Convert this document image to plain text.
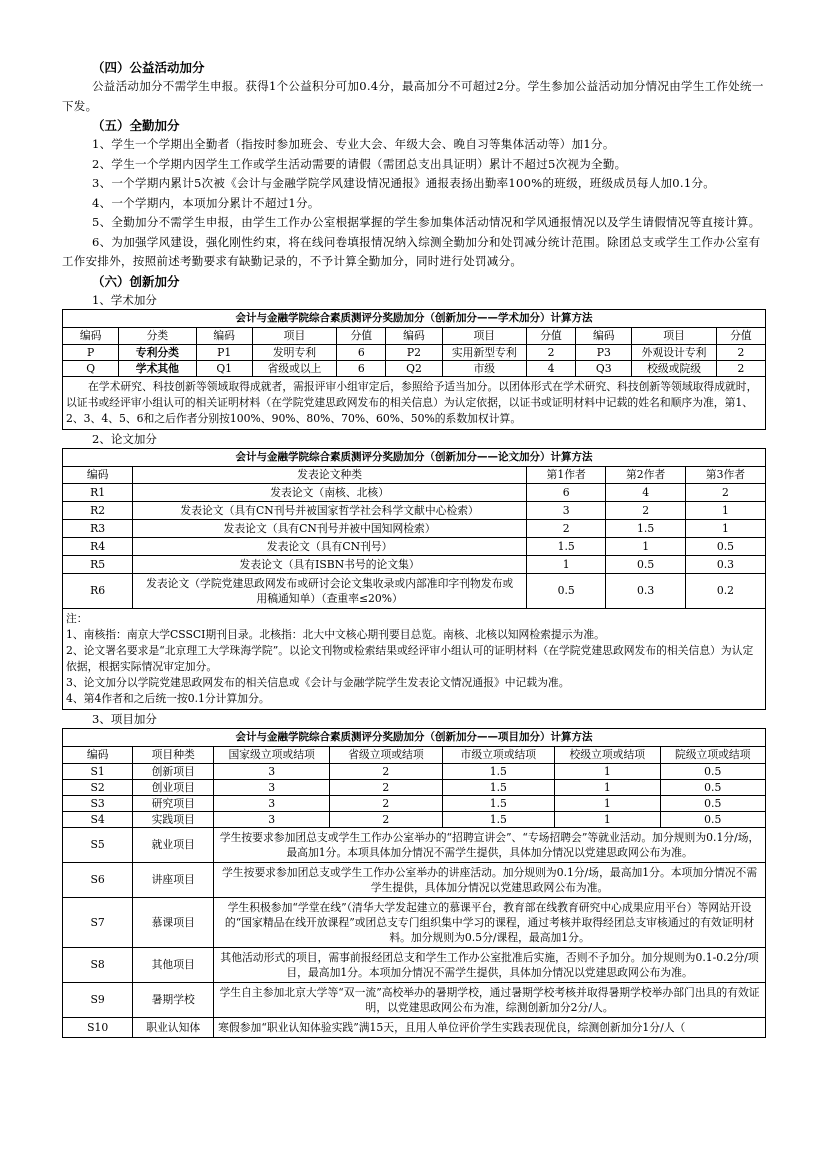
（四）公益活动加分

公益活动加分不需学生申报。获得1个公益积分可加0.4分，最高加分不可超过2分。学生参加公益活动加分情况由学生工作处统一下发。

（五）全勤加分

1、学生一个学期出全勤者（指按时参加班会、专业大会、年级大会、晚自习等集体活动等）加1分。

2、学生一个学期内因学生工作或学生活动需要的请假（需团总支出具证明）累计不超过5次视为全勤。

3、一个学期内累计5次被《会计与金融学院学风建设情况通报》通报表扬出勤率100%的班级，班级成员每人加0.1分。

4、一个学期内，本项加分累计不超过1分。

5、全勤加分不需学生申报，由学生工作办公室根据掌握的学生参加集体活动情况和学风通报情况以及学生请假情况等直接计算。

6、为加强学风建设，强化刚性约束，将在线问卷填报情况纳入综测全勤加分和处罚减分统计范围。除团总支或学生工作办公室有工作安排外，按照前述考勤要求有缺勤记录的，不予计算全勤加分，同时进行处罚减分。

（六）创新加分

1、学术加分

会计与金融学院综合素质测评分奖励加分（创新加分——学术加分）计算方法										
编码	分类	编码	项目	分值	编码	项目	分值	编码	项目	分值
P	专利分类	P1	发明专利	6	P2	实用新型专利	2	P3	外观设计专利	2
Q	学术其他	Q1	省级或以上	6	Q2	市级	4	Q3	校级或院级	2

在学术研究、科技创新等领域取得成就者，需报评审小组审定后，参照给予适当加分。以团体形式在学术研究、科技创新等领域取得成就时，以证书或经评审小组认可的相关证明材料（在学院党建思政网发布的相关信息）为认定依据，以证书或证明材料中记载的姓名和顺序为准，第1、2、3、4、5、6和之后作者分别按100%、90%、80%、70%、60%、50%的系数加权计算。										

2、论文加分

会计与金融学院综合素质测评分奖励加分（创新加分——论文加分）计算方法				
编码	发表论文种类	第1作者	第2作者	第3作者
R1	发表论文（南核、北核）	6	4	2
R2	发表论文（具有CN刊号并被国家哲学社会科学文献中心检索）	3	2	1
R3	发表论文（具有CN刊号并被中国知网检索）	2	1.5	1
R4	发表论文（具有CN刊号）	1.5	1	0.5
R5	发表论文（具有ISBN书号的论文集）	1	0.5	0.3
R6	发表论文（学院党建思政网发布或研讨会论文集收录或内部准印字刊物发布或用稿通知单）（查重率≤20%）	0.5	0.3	0.2

注：
1、南核指：南京大学CSSCI期刊目录。北核指：北大中文核心期刊要目总览。南核、北核以知网检索提示为准。
2、论文署名要求是“北京理工大学珠海学院”。以论文刊物或检索结果或经评审小组认可的证明材料（在学院党建思政网发布的相关信息）为认定依据，根据实际情况审定加分。
3、论文加分以学院党建思政网发布的相关信息或《会计与金融学院学生发表论文情况通报》中记载为准。
4、第4作者和之后统一按0.1分计算加分。				

3、项目加分

会计与金融学院综合素质测评分奖励加分（创新加分——项目加分）计算方法						
编码	项目种类	国家级立项或结项	省级立项或结项	市级立项或结项	校级立项或结项	院级立项或结项
S1	创新项目	3	2	1.5	1	0.5
S2	创业项目	3	2	1.5	1	0.5
S3	研究项目	3	2	1.5	1	0.5
S4	实践项目	3	2	1.5	1	0.5
S5	就业项目	学生按要求参加团总支或学生工作办公室举办的“招聘宣讲会”、“专场招聘会”等就业活动。加分规则为0.1分/场，最高加1分。本项具体加分情况不需学生提供，具体加分情况以党建思政网公布为准。				
S6	讲座项目	学生按要求参加团总支或学生工作办公室举办的讲座活动。加分规则为0.1分/场，最高加1分。本项加分情况不需学生提供，具体加分情况以党建思政网公布为准。				
S7	慕课项目	学生积极参加“学堂在线”（清华大学发起建立的慕课平台，教育部在线教育研究中心成果应用平台）等网站开设的“国家精品在线开放课程”或团总支专门组织集中学习的课程，通过考核并取得经团总支审核通过的有效证明材料。加分规则为0.5分/课程，最高加1分。				
S8	其他项目	其他活动形式的项目，需事前报经团总支和学生工作办公室批准后实施，否则不予加分。加分规则为0.1-0.2分/项目，最高加1分。本项加分情况不需学生提供，具体加分情况以党建思政网公布为准。				
S9	暑期学校	学生自主参加北京大学等“双一流”高校举办的暑期学校，通过暑期学校考核并取得暑期学校举办部门出具的有效证明，以党建思政网公布为准，综测创新加分2分/人。				
S10	职业认知体	寒假参加“职业认知体验实践”满15天，且用人单位评价学生实践表现优良，综测创新加分1分/人（				
